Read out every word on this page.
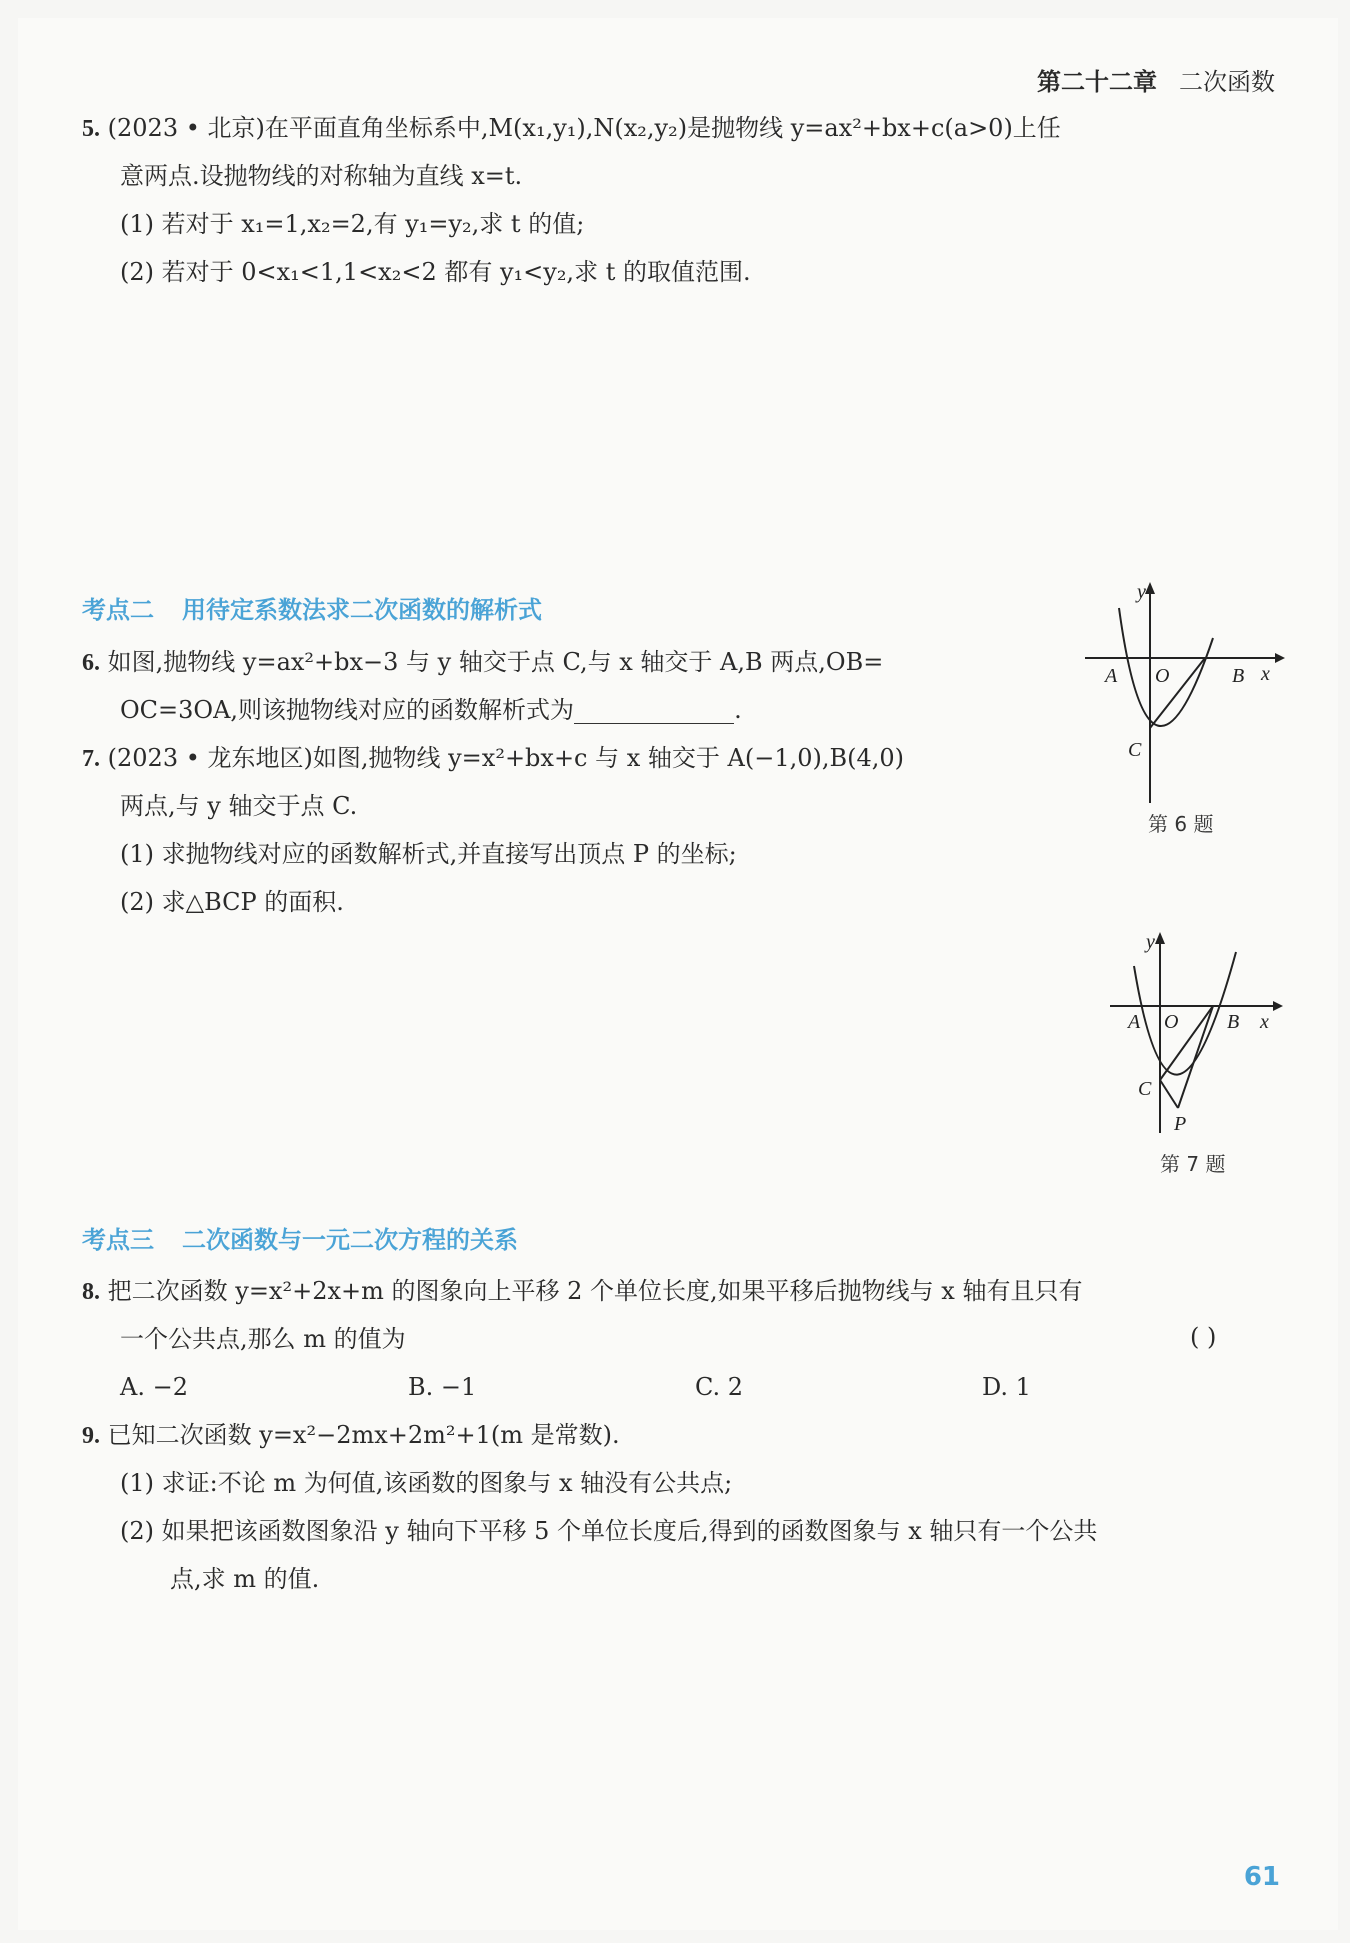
第二十二章 二次函数
5. (2023 • 北京)在平面直角坐标系中,M(x₁,y₁),N(x₂,y₂)是抛物线 y=ax²+bx+c(a>0)上任
意两点.设抛物线的对称轴为直线 x=t.
(1) 若对于 x₁=1,x₂=2,有 y₁=y₂,求 t 的值;
(2) 若对于 0<x₁<1,1<x₂<2 都有 y₁<y₂,求 t 的取值范围.
考点二 用待定系数法求二次函数的解析式
6. 如图,抛物线 y=ax²+bx−3 与 y 轴交于点 C,与 x 轴交于 A,B 两点,OB=
OC=3OA,则该抛物线对应的函数解析式为	.
y
x
A O	B
C
第 6 题
7. (2023 • 龙东地区)如图,抛物线 y=x²+bx+c 与 x 轴交于 A(−1,0),B(4,0)
两点,与 y 轴交于点 C.
(1) 求抛物线对应的函数解析式,并直接写出顶点 P 的坐标;
(2) 求△BCP 的面积.
y
x
A O B
C
P
第 7 题
考点三 二次函数与一元二次方程的关系
8. 把二次函数 y=x²+2x+m 的图象向上平移 2 个单位长度,如果平移后抛物线与 x 轴有且只有
一个公共点,那么 m 的值为	( )
A. −2	B. −1	C. 2	D. 1
9. 已知二次函数 y=x²−2mx+2m²+1(m 是常数).
(1) 求证:不论 m 为何值,该函数的图象与 x 轴没有公共点;
(2) 如果把该函数图象沿 y 轴向下平移 5 个单位长度后,得到的函数图象与 x 轴只有一个公共
点,求 m 的值.
61
